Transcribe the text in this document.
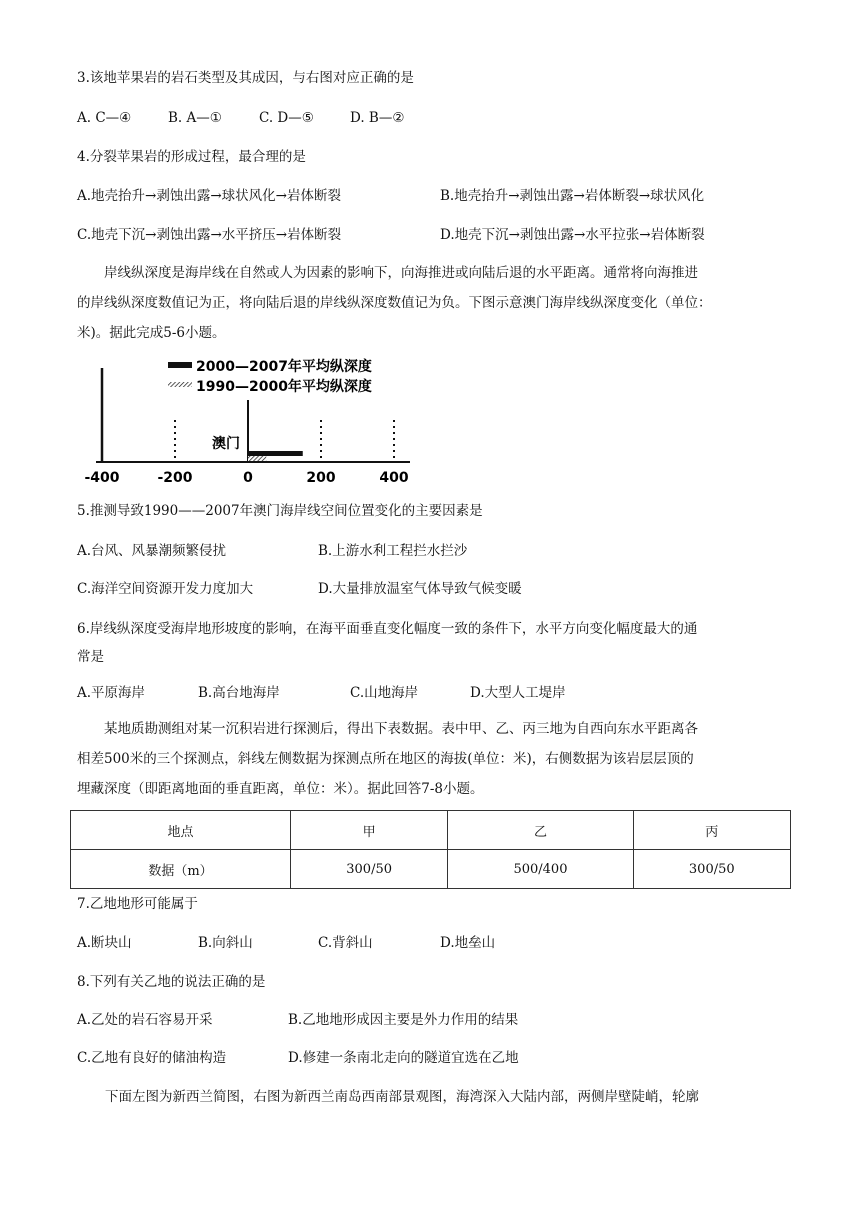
3.该地苹果岩的岩石类型及其成因，与右图对应正确的是
A. C—④	B. A—①	C. D—⑤	D. B—②
4.分裂苹果岩的形成过程，最合理的是
A.地壳抬升→剥蚀出露→球状风化→岩体断裂	B.地壳抬升→剥蚀出露→岩体断裂→球状风化
C.地壳下沉→剥蚀出露→水平挤压→岩体断裂	D.地壳下沉→剥蚀出露→水平拉张→岩体断裂
岸线纵深度是海岸线在自然或人为因素的影响下，向海推进或向陆后退的水平距离。通常将向海推进
的岸线纵深度数值记为正，将向陆后退的岸线纵深度数值记为负。下图示意澳门海岸线纵深度变化（单位：
米)。据此完成5-6小题。
2000—2007年平均纵深度
1990—2000年平均纵深度
澳门
-400	-200	0	200	400
5.推测导致1990——2007年澳门海岸线空间位置变化的主要因素是
A.台风、风暴潮频繁侵扰	B.上游水利工程拦水拦沙
C.海洋空间资源开发力度加大	D.大量排放温室气体导致气候变暖
6.岸线纵深度受海岸地形坡度的影响，在海平面垂直变化幅度一致的条件下，水平方向变化幅度最大的通
常是
A.平原海岸	B.高台地海岸	C.山地海岸	D.大型人工堤岸
某地质勘测组对某一沉积岩进行探测后，得出下表数据。表中甲、乙、丙三地为自西向东水平距离各
相差500米的三个探测点，斜线左侧数据为探测点所在地区的海拔(单位：米)，右侧数据为该岩层层顶的
埋藏深度（即距离地面的垂直距离，单位：米）。据此回答7-8小题。
地点	甲	乙	丙
数据（m）	300/50	500/400	300/50
7.乙地地形可能属于
A.断块山	B.向斜山	C.背斜山	D.地垒山
8.下列有关乙地的说法正确的是
A.乙处的岩石容易开采	B.乙地地形成因主要是外力作用的结果
C.乙地有良好的储油构造	D.修建一条南北走向的隧道宜选在乙地
下面左图为新西兰简图，右图为新西兰南岛西南部景观图，海湾深入大陆内部，两侧岸壁陡峭，轮廓
